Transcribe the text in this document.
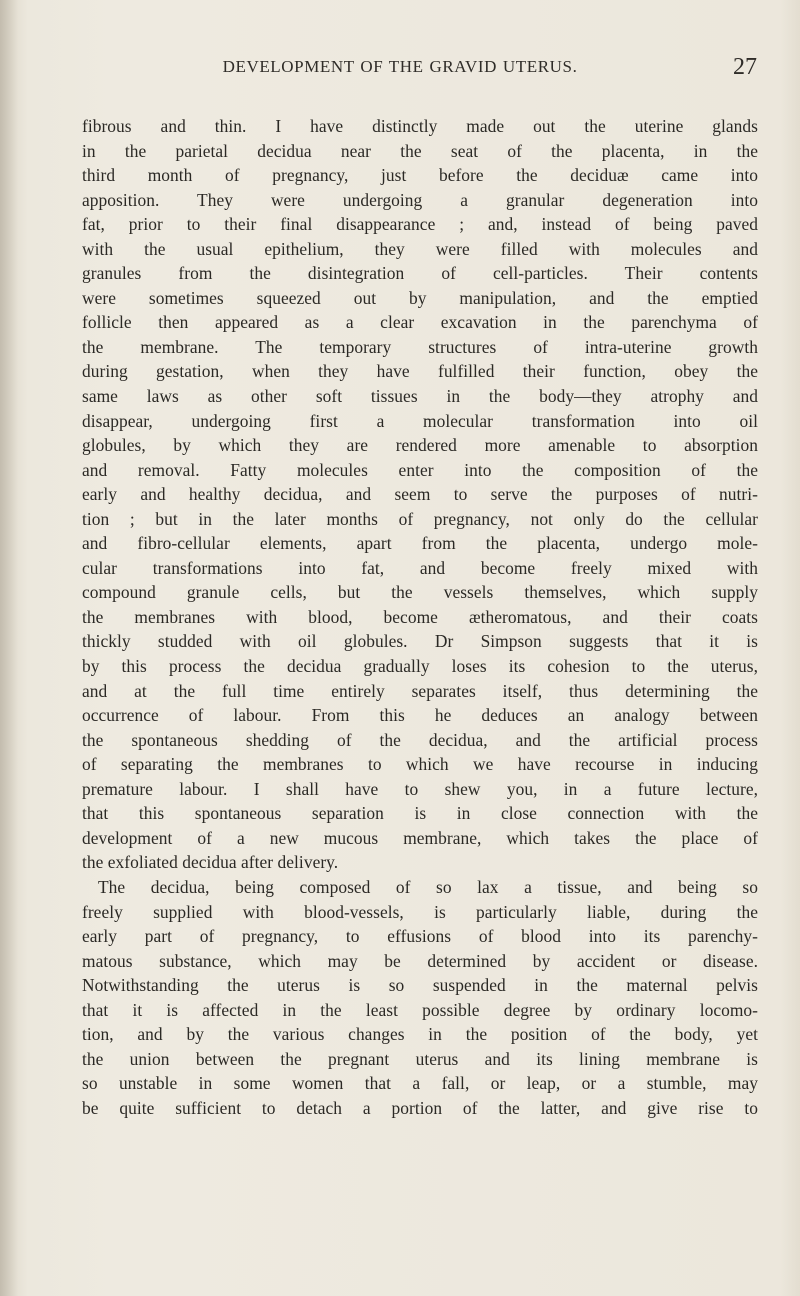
DEVELOPMENT OF THE GRAVID UTERUS.	27
fibrous and thin. I have distinctly made out the uterine glands
in the parietal decidua near the seat of the placenta, in the
third month of pregnancy, just before the deciduæ came into
apposition. They were undergoing a granular degeneration into
fat, prior to their final disappearance ; and, instead of being paved
with the usual epithelium, they were filled with molecules and
granules from the disintegration of cell-particles. Their contents
were sometimes squeezed out by manipulation, and the emptied
follicle then appeared as a clear excavation in the parenchyma of
the membrane. The temporary structures of intra-uterine growth
during gestation, when they have fulfilled their function, obey the
same laws as other soft tissues in the body—they atrophy and
disappear, undergoing first a molecular transformation into oil
globules, by which they are rendered more amenable to absorption
and removal. Fatty molecules enter into the composition of the
early and healthy decidua, and seem to serve the purposes of nutri-
tion ; but in the later months of pregnancy, not only do the cellular
and fibro-cellular elements, apart from the placenta, undergo mole-
cular transformations into fat, and become freely mixed with
compound granule cells, but the vessels themselves, which supply
the membranes with blood, become ætheromatous, and their coats
thickly studded with oil globules. Dr Simpson suggests that it is
by this process the decidua gradually loses its cohesion to the uterus,
and at the full time entirely separates itself, thus determining the
occurrence of labour. From this he deduces an analogy between
the spontaneous shedding of the decidua, and the artificial process
of separating the membranes to which we have recourse in inducing
premature labour. I shall have to shew you, in a future lecture,
that this spontaneous separation is in close connection with the
development of a new mucous membrane, which takes the place of
the exfoliated decidua after delivery.
The decidua, being composed of so lax a tissue, and being so
freely supplied with blood-vessels, is particularly liable, during the
early part of pregnancy, to effusions of blood into its parenchy-
matous substance, which may be determined by accident or disease.
Notwithstanding the uterus is so suspended in the maternal pelvis
that it is affected in the least possible degree by ordinary locomo-
tion, and by the various changes in the position of the body, yet
the union between the pregnant uterus and its lining membrane is
so unstable in some women that a fall, or leap, or a stumble, may
be quite sufficient to detach a portion of the latter, and give rise to
